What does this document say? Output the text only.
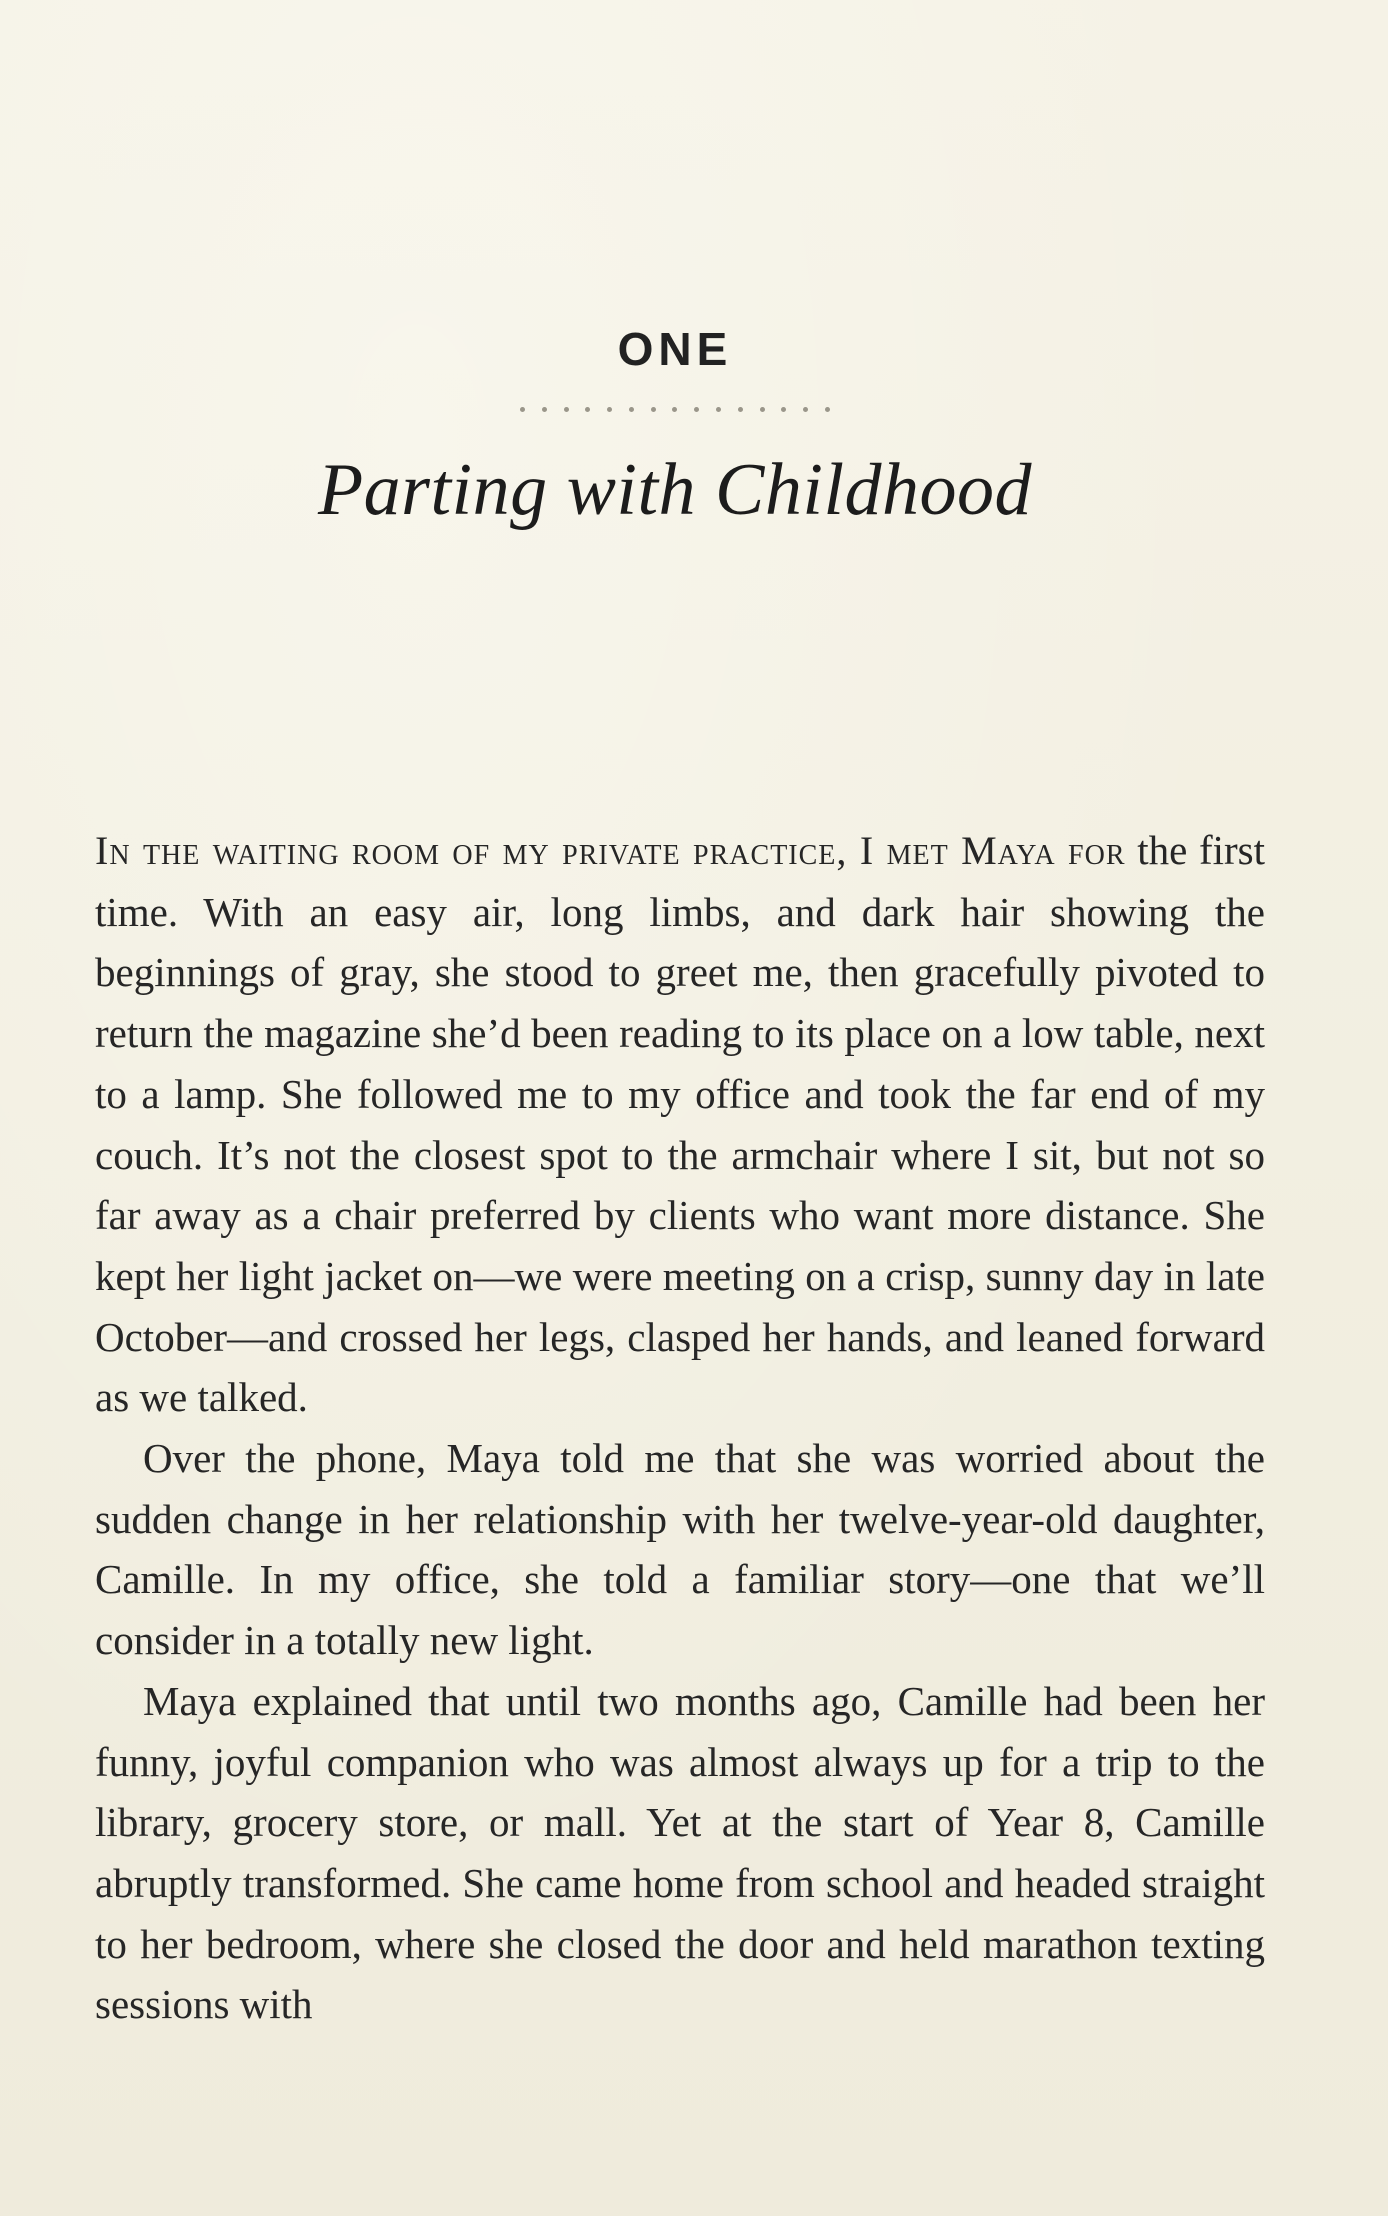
ONE
Parting with Childhood

In the waiting room of my private practice, I met Maya for the first time. With an easy air, long limbs, and dark hair showing the beginnings of gray, she stood to greet me, then gracefully pivoted to return the magazine she’d been reading to its place on a low table, next to a lamp. She followed me to my office and took the far end of my couch. It’s not the closest spot to the armchair where I sit, but not so far away as a chair preferred by clients who want more distance. She kept her light jacket on—we were meeting on a crisp, sunny day in late October—and crossed her legs, clasped her hands, and leaned forward as we talked.

Over the phone, Maya told me that she was worried about the sudden change in her relationship with her twelve-year-old daughter, Camille. In my office, she told a familiar story—one that we’ll consider in a totally new light.

Maya explained that until two months ago, Camille had been her funny, joyful companion who was almost always up for a trip to the library, grocery store, or mall. Yet at the start of Year 8, Camille abruptly transformed. She came home from school and headed straight to her bedroom, where she closed the door and held marathon texting sessions with
